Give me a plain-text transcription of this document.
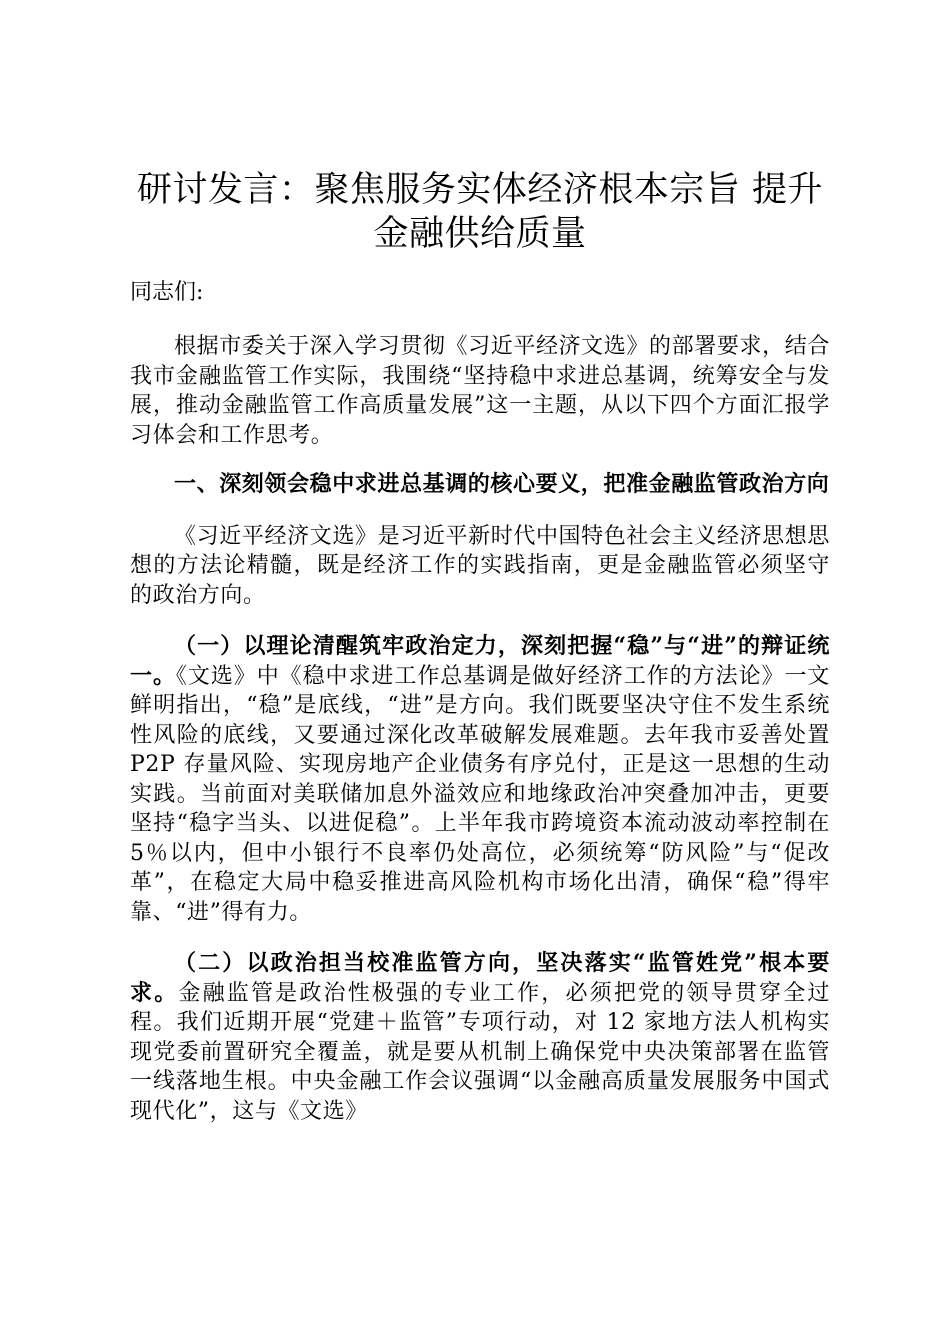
研讨发言：聚焦服务实体经济根本宗旨 提升金融供给质量
同志们:

根据市委关于深入学习贯彻《习近平经济文选》的部署要求，结合我市金融监管工作实际，我围绕“坚持稳中求进总基调，统筹安全与发展，推动金融监管工作高质量发展”这一主题，从以下四个方面汇报学习体会和工作思考。

一、深刻领会稳中求进总基调的核心要义，把准金融监管政治方向

《习近平经济文选》是习近平新时代中国特色社会主义经济思想思想的方法论精髓，既是经济工作的实践指南，更是金融监管必须坚守的政治方向。

（一）以理论清醒筑牢政治定力，深刻把握“稳”与“进”的辩证统一。《文选》中《稳中求进工作总基调是做好经济工作的方法论》一文鲜明指出，“稳”是底线，“进”是方向。我们既要坚决守住不发生系统性风险的底线，又要通过深化改革破解发展难题。去年我市妥善处置 P2P 存量风险、实现房地产企业债务有序兑付，正是这一思想的生动实践。当前面对美联储加息外溢效应和地缘政治冲突叠加冲击，更要坚持“稳字当头、以进促稳”。上半年我市跨境资本流动波动率控制在 5％以内，但中小银行不良率仍处高位，必须统筹“防风险”与“促改革”，在稳定大局中稳妥推进高风险机构市场化出清，确保“稳”得牢靠、“进”得有力。

（二）以政治担当校准监管方向，坚决落实“监管姓党”根本要求。金融监管是政治性极强的专业工作，必须把党的领导贯穿全过程。我们近期开展“党建＋监管”专项行动，对 12 家地方法人机构实现党委前置研究全覆盖，就是要从机制上确保党中央决策部署在监管一线落地生根。中央金融工作会议强调“以金融高质量发展服务中国式现代化”，这与《文选》
